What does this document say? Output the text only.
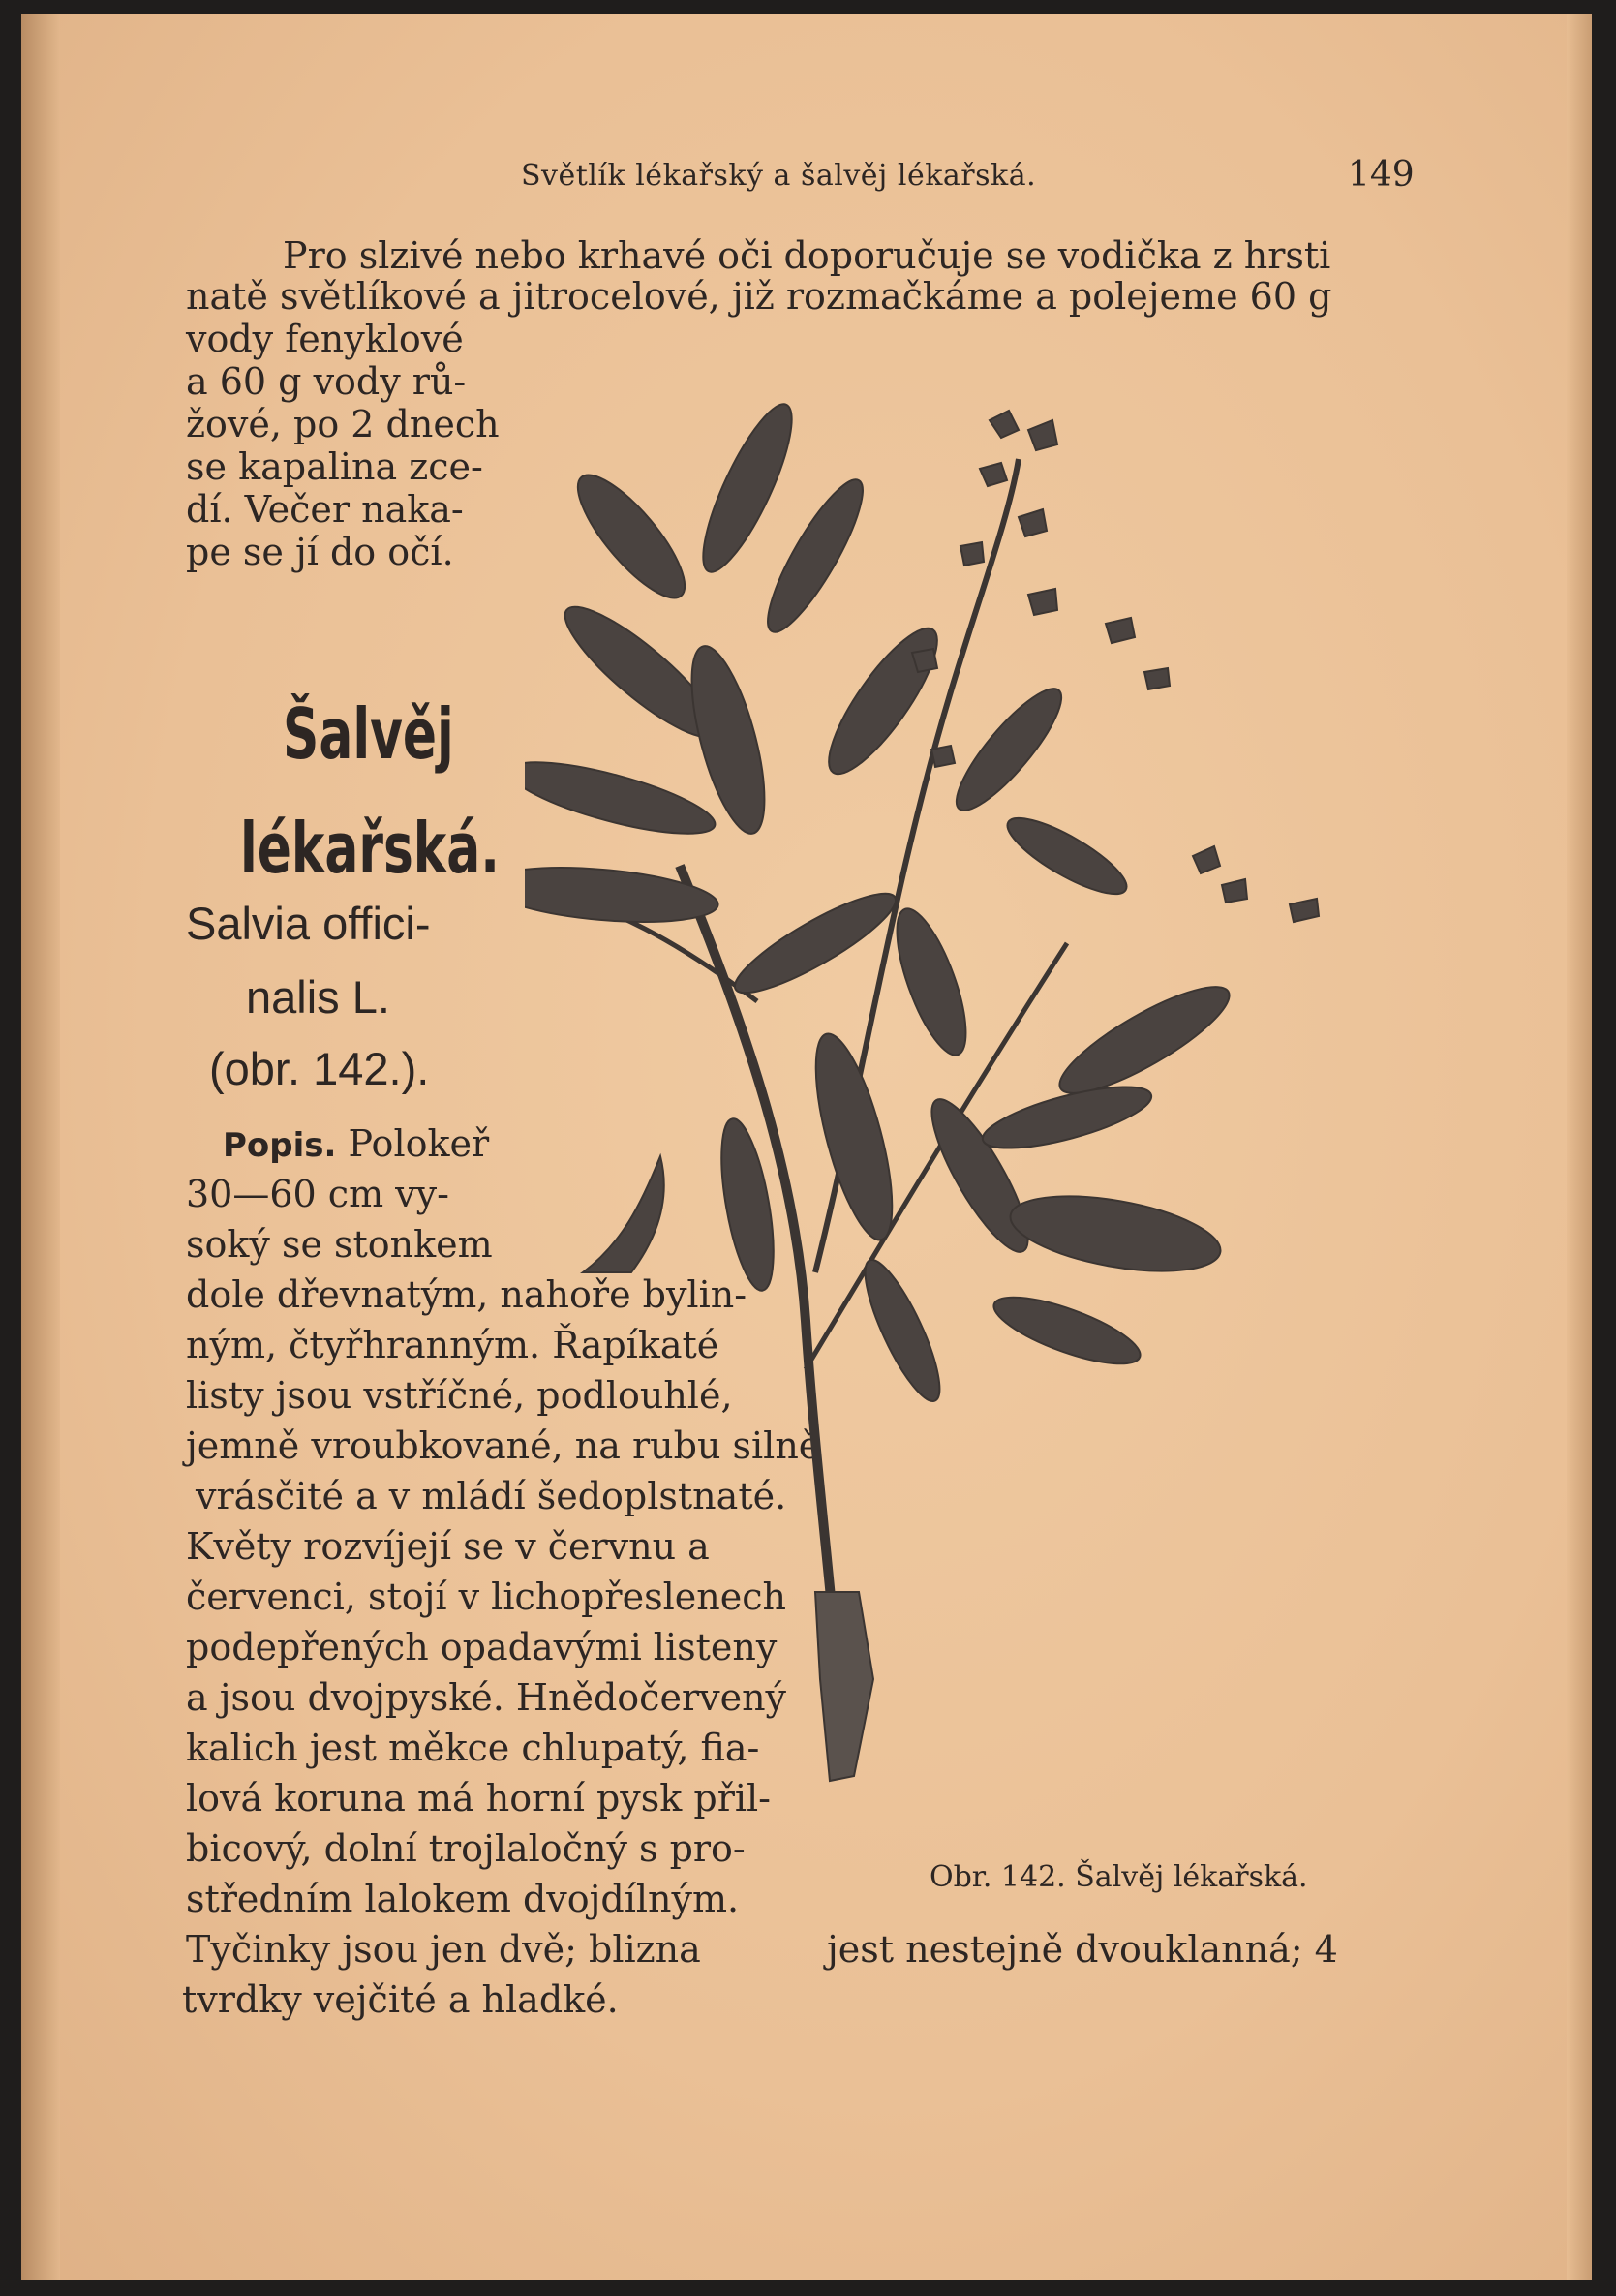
Světlík lékařský a šalvěj lékařská.	149
Pro slzivé nebo krhavé oči doporučuje se vodička z hrsti
natě světlíkové a jitrocelové, již rozmačkáme a polejeme 60 g
vody fenyklové
a 60 g vody rů-
žové, po 2 dnech
se kapalina zce-
dí. Večer naka-
pe se jí do očí.
Šalvěj
lékařská.
Salvia offici-
nalis L.
(obr. 142.).
Popis. Polokeř
30—60 cm vy-
soký se stonkem
dole dřevnatým, nahoře bylin-
ným, čtyřhranným. Řapíkaté
listy jsou vstříčné, podlouhlé,
jemně vroubkované, na rubu silně
vrásčité a v mládí šedoplstnaté.
Květy rozvíjejí se v červnu a
červenci, stojí v lichopřeslenech
podepřených opadavými listeny
a jsou dvojpyské. Hnědočervený
kalich jest měkce chlupatý, fia-
lová koruna má horní pysk přil-
bicový, dolní trojlaločný s pro-
středním lalokem dvojdílným.
Tyčinky jsou jen dvě; blizna
tvrdky vejčité a hladké.
jest nestejně dvouklanná; 4
Obr. 142. Šalvěj lékařská.
